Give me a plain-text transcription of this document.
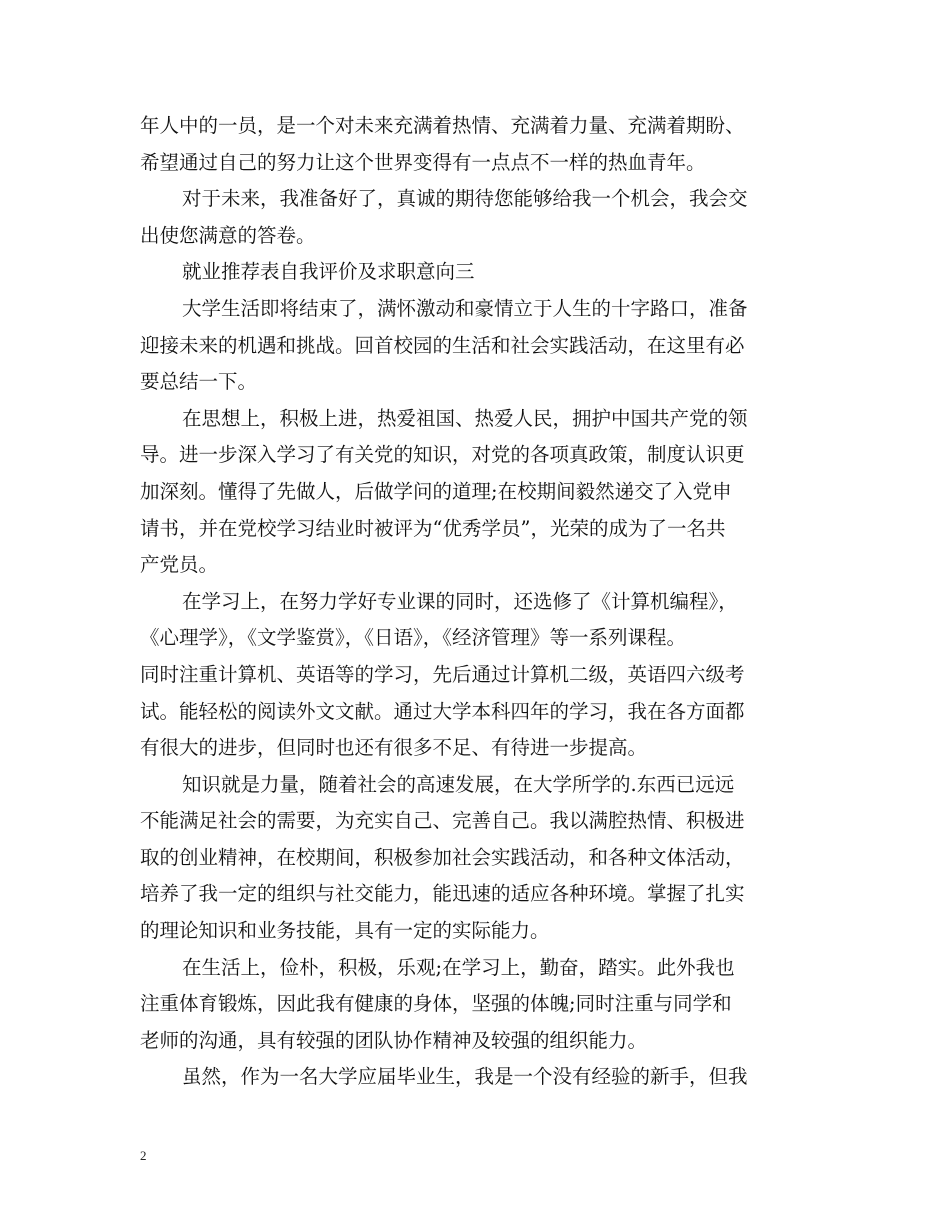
年人中的一员，是一个对未来充满着热情、充满着力量、充满着期盼、
希望通过自己的努力让这个世界变得有一点点不一样的热血青年。
对于未来，我准备好了，真诚的期待您能够给我一个机会，我会交
出使您满意的答卷。
就业推荐表自我评价及求职意向三
大学生活即将结束了，满怀激动和豪情立于人生的十字路口，准备
迎接未来的机遇和挑战。回首校园的生活和社会实践活动，在这里有必
要总结一下。
在思想上，积极上进，热爱祖国、热爱人民，拥护中国共产党的领
导。进一步深入学习了有关党的知识，对党的各项真政策，制度认识更
加深刻。懂得了先做人，后做学问的道理;在校期间毅然递交了入党申
请书，并在党校学习结业时被评为“优秀学员”，光荣的成为了一名共
产党员。
在学习上，在努力学好专业课的同时，还选修了《计算机编程》，
《心理学》，《文学鉴赏》，《日语》，《经济管理》等一系列课程。
同时注重计算机、英语等的学习，先后通过计算机二级，英语四六级考
试。能轻松的阅读外文文献。通过大学本科四年的学习，我在各方面都
有很大的进步，但同时也还有很多不足、有待进一步提高。
知识就是力量，随着社会的高速发展，在大学所学的.东西已远远
不能满足社会的需要，为充实自己、完善自己。我以满腔热情、积极进
取的创业精神，在校期间，积极参加社会实践活动，和各种文体活动，
培养了我一定的组织与社交能力，能迅速的适应各种环境。掌握了扎实
的理论知识和业务技能，具有一定的实际能力。
在生活上，俭朴，积极，乐观;在学习上，勤奋，踏实。此外我也
注重体育锻炼，因此我有健康的身体，坚强的体魄;同时注重与同学和
老师的沟通，具有较强的团队协作精神及较强的组织能力。
虽然，作为一名大学应届毕业生，我是一个没有经验的新手，但我
2
